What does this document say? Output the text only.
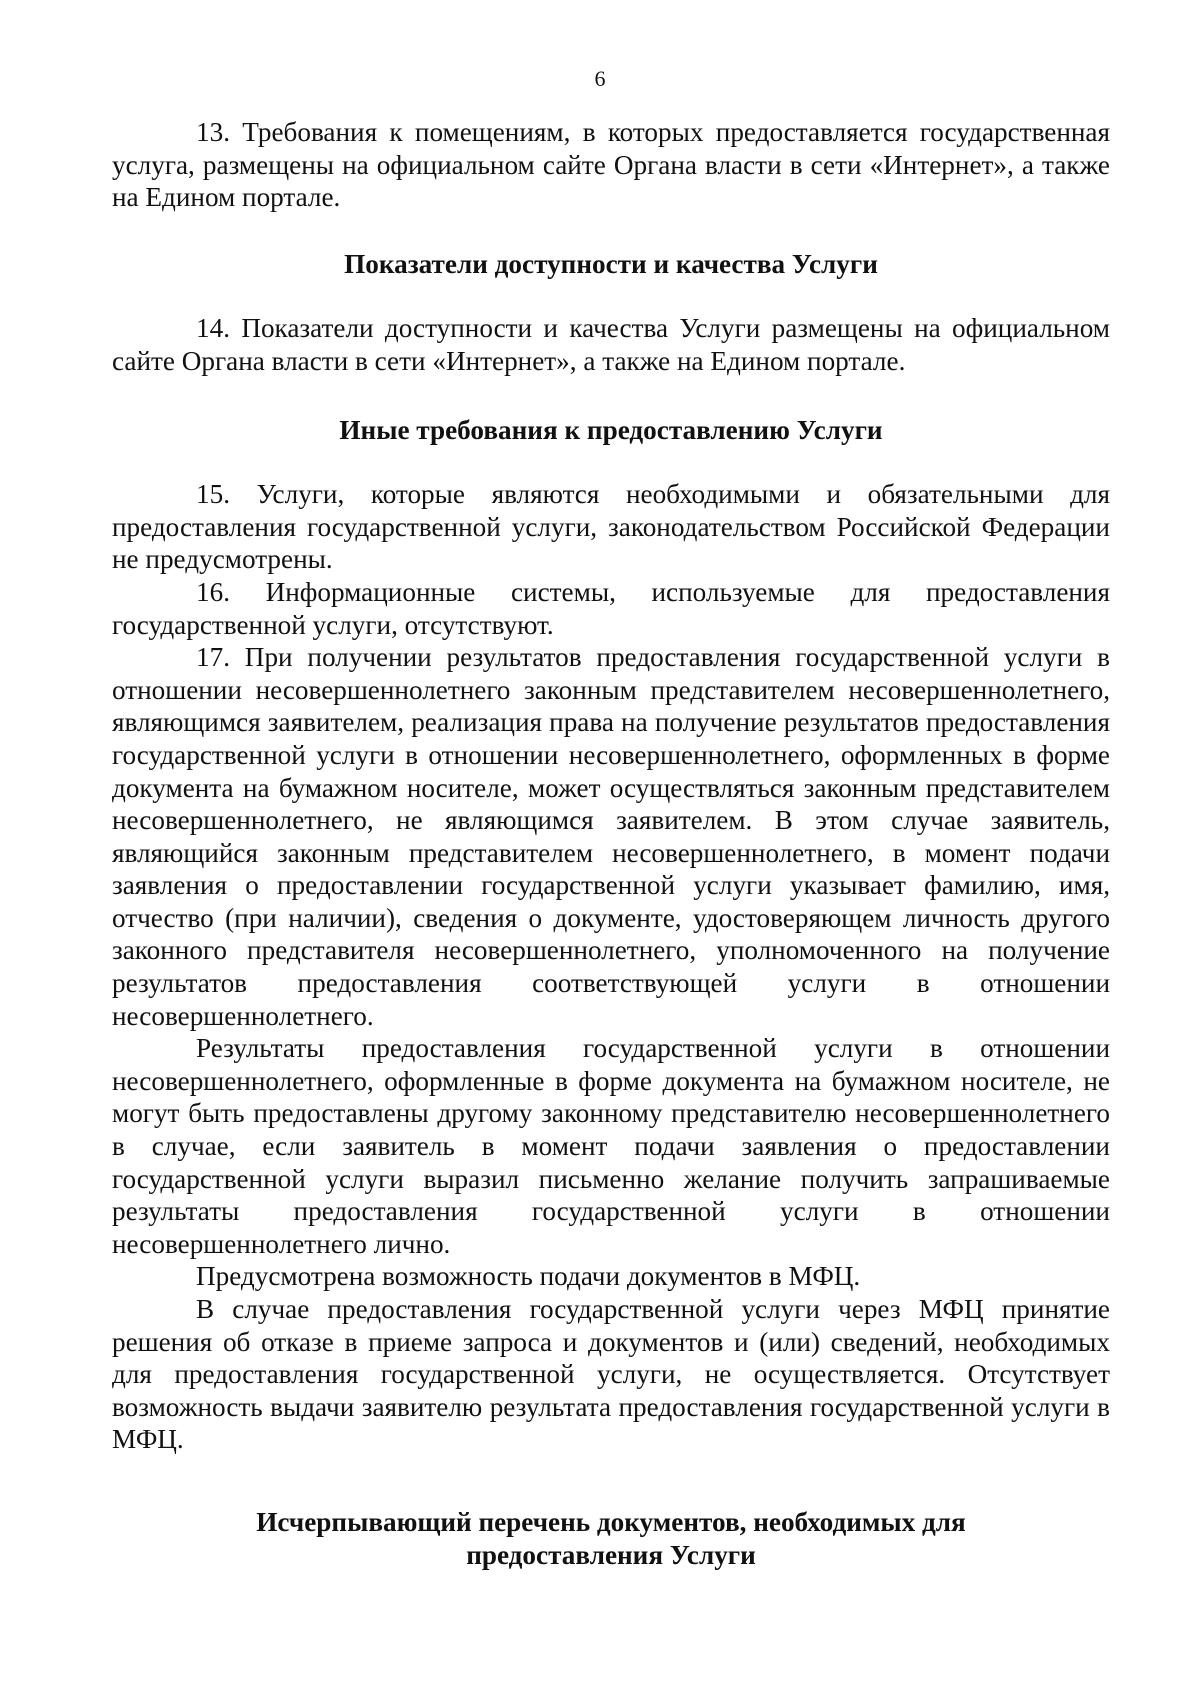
6

13. Требования к помещениям, в которых предоставляется государственная услуга, размещены на официальном сайте Органа власти в сети «Интернет», а также на Едином портале.

Показатели доступности и качества Услуги

14. Показатели доступности и качества Услуги размещены на официальном сайте Органа власти в сети «Интернет», а также на Едином портале.

Иные требования к предоставлению Услуги

15. Услуги, которые являются необходимыми и обязательными для предоставления государственной услуги, законодательством Российской Федерации не предусмотрены.

16. Информационные системы, используемые для предоставления государственной услуги, отсутствуют.

17. При получении результатов предоставления государственной услуги в отношении несовершеннолетнего законным представителем несовершеннолетнего, являющимся заявителем, реализация права на получение результатов предоставления государственной услуги в отношении несовершеннолетнего, оформленных в форме документа на бумажном носителе, может осуществляться законным представителем несовершеннолетнего, не являющимся заявителем. В этом случае заявитель, являющийся законным представителем несовершеннолетнего, в момент подачи заявления о предоставлении государственной услуги указывает фамилию, имя, отчество (при наличии), сведения о документе, удостоверяющем личность другого законного представителя несовершеннолетнего, уполномоченного на получение результатов предоставления соответствующей услуги в отношении несовершеннолетнего.

Результаты предоставления государственной услуги в отношении несовершеннолетнего, оформленные в форме документа на бумажном носителе, не могут быть предоставлены другому законному представителю несовершеннолетнего в случае, если заявитель в момент подачи заявления о предоставлении государственной услуги выразил письменно желание получить запрашиваемые результаты предоставления государственной услуги в отношении несовершеннолетнего лично.

Предусмотрена возможность подачи документов в МФЦ.

В случае предоставления государственной услуги через МФЦ принятие решения об отказе в приеме запроса и документов и (или) сведений, необходимых для предоставления государственной услуги, не осуществляется. Отсутствует возможность выдачи заявителю результата предоставления государственной услуги в МФЦ.

Исчерпывающий перечень документов, необходимых для

предоставления Услуги
